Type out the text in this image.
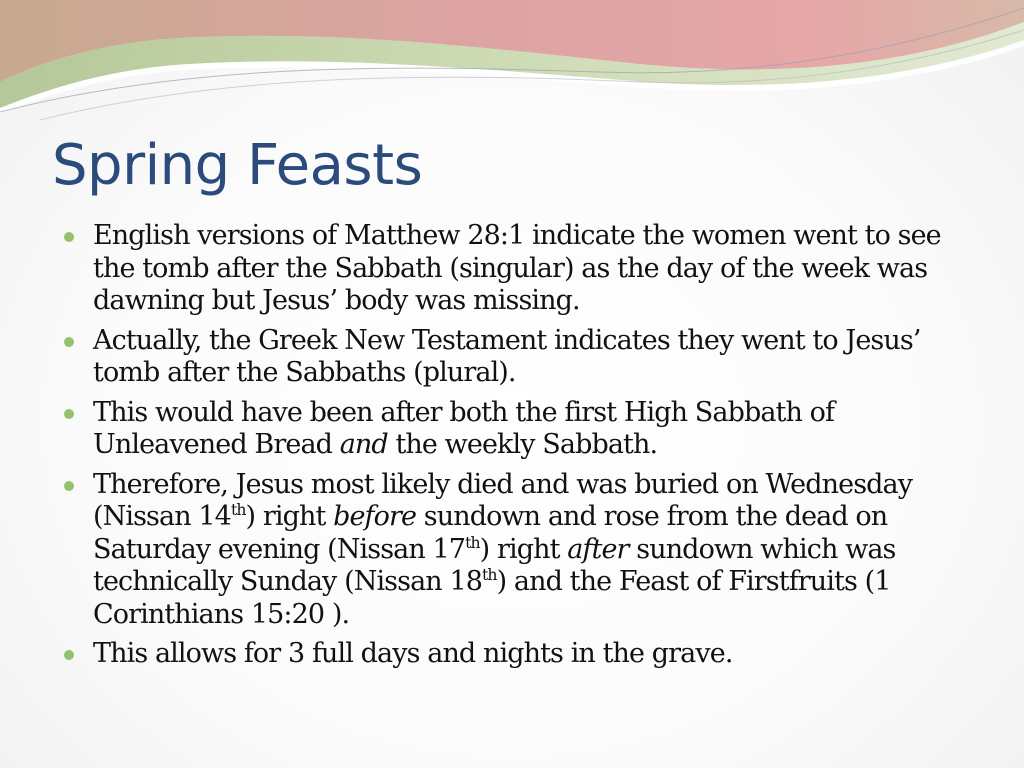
Spring Feasts
English versions of Matthew 28:1 indicate the women went to see the tomb after the Sabbath (singular) as the day of the week was dawning but Jesus’ body was missing.
Actually, the Greek New Testament indicates they went to Jesus’ tomb after the Sabbaths (plural).
This would have been after both the first High Sabbath of Unleavened Bread and the weekly Sabbath.
Therefore, Jesus most likely died and was buried on Wednesday (Nissan 14th) right before sundown and rose from the dead on Saturday evening (Nissan 17th) right after sundown which was technically Sunday (Nissan 18th) and the Feast of Firstfruits (1 Corinthians 15:20 ).
This allows for 3 full days and nights in the grave.
